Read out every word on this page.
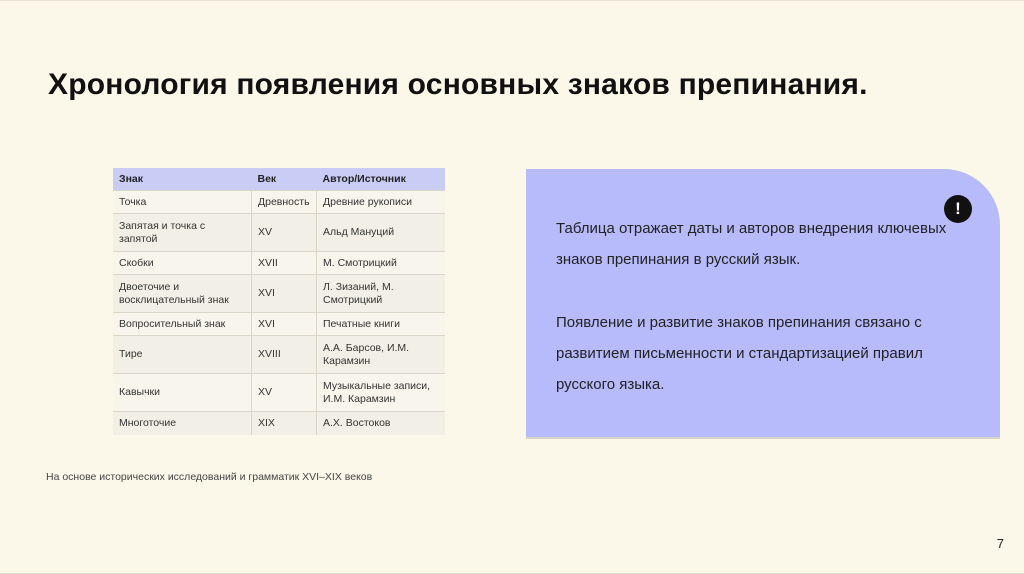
Хронология появления основных знаков препинания.
Знак	Век	Автор/Источник
Точка	Древность	Древние рукописи
Запятая и точка с запятой	XV	Альд Мануций
Скобки	XVII	М. Смотрицкий
Двоеточие и восклицательный знак	XVI	Л. Зизаний, М. Смотрицкий
Вопросительный знак	XVI	Печатные книги
Тире	XVIII	А.А. Барсов, И.М. Карамзин
Кавычки	XV	Музыкальные записи, И.М. Карамзин
Многоточие	XIX	А.Х. Востоков
!

Таблица отражает даты и авторов внедрения ключевых знаков препинания в русский язык.

Появление и развитие знаков препинания связано с развитием письменности и стандартизацией правил русского языка.

На основе исторических исследований и грамматик XVI–XIX веков
7
